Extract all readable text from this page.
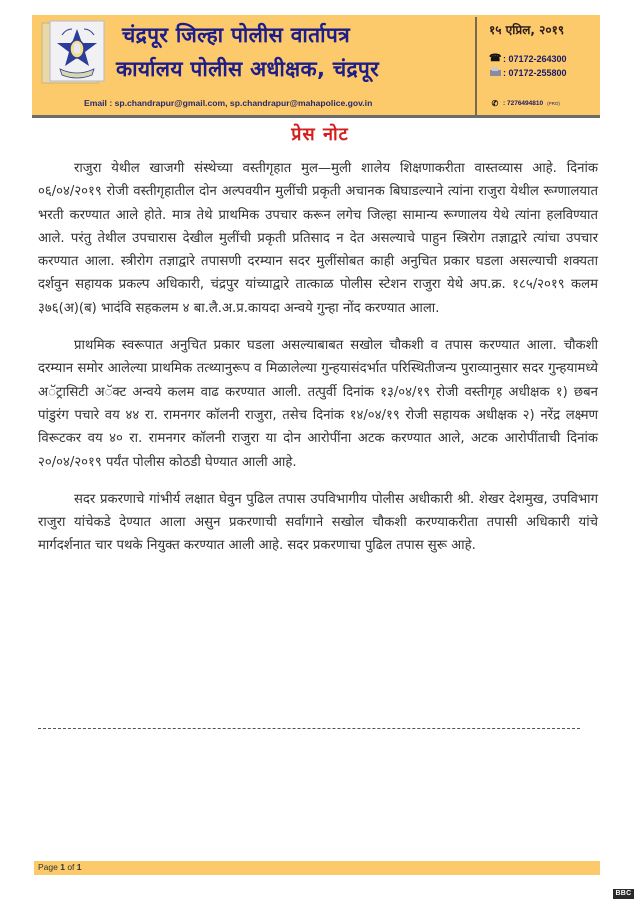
चंद्रपूर जिल्हा पोलीस वार्तापत्र
कार्यालय पोलीस अधीक्षक, चंद्रपूर
Email : sp.chandrapur@gmail.com, sp.chandrapur@mahapolice.gov.in
१५ एप्रिल, २०१९
☎ : 07172-264300
: 07172-255800
✆ : 7276494810 (PRO)
प्रेस नोट

राजुरा येथील खाजगी संस्थेच्या वस्तीगृहात मुल—मुली शालेय शिक्षणाकरीता वास्तव्यास आहे. दिनांक ०६/०४/२०१९ रोजी वस्तीगृहातील दोन अल्पवयीन मुलींची प्रकृती अचानक बिघाडल्याने त्यांना राजुरा येथील रूग्णालयात भरती करण्यात आले होते. मात्र तेथे प्राथमिक उपचार करून लगेच जिल्हा सामान्य रूग्णालय येथे त्यांना हलविण्यात आले. परंतु तेथील उपचारास देखील मुलींची प्रकृती प्रतिसाद न देत असल्याचे पाहुन स्त्रिरोग तज्ञाद्वारे त्यांचा उपचार करण्यात आला. स्त्रीरोग तज्ञाद्वारे तपासणी दरम्यान सदर मुलींसोबत काही अनुचित प्रकार घडला असल्याची शक्यता दर्शवुन सहायक प्रकल्प अधिकारी, चंद्रपुर यांच्याद्वारे तात्काळ पोलीस स्टेशन राजुरा येथे अप.क्र. १८५/२०१९ कलम ३७६(अ)(ब) भादंवि सहकलम ४ बा.लै.अ.प्र.कायदा अन्वये गुन्हा नोंद करण्यात आला.

प्राथमिक स्वरूपात अनुचित प्रकार घडला असल्याबाबत सखोल चौकशी व तपास करण्यात आला. चौकशी दरम्यान समोर आलेल्या प्राथमिक तत्थ्यानुरूप व मिळालेल्या गुन्हयासंदर्भात परिस्थितीजन्य पुराव्यानुसार सदर गुन्हयामध्ये अॅट्रासिटी अॅक्ट अन्वये कलम वाढ करण्यात आली. तत्पुर्वी दिनांक १३/०४/१९ रोजी वस्तीगृह अधीक्षक १) छबन पांडुरंग पचारे वय ४४ रा. रामनगर कॉलनी राजुरा, तसेच दिनांक १४/०४/१९ रोजी सहायक अधीक्षक २) नरेंद्र लक्ष्मण विरूटकर वय ४० रा. रामनगर कॉलनी राजुरा या दोन आरोपींना अटक करण्यात आले, अटक आरोपींताची दिनांक २०/०४/२०१९ पर्यंत पोलीस कोठडी घेण्यात आली आहे.

सदर प्रकरणाचे गांभीर्य लक्षात घेवुन पुढिल तपास उपविभागीय पोलीस अधीकारी श्री. शेखर देशमुख, उपविभाग राजुरा यांचेकडे देण्यात आला असुन प्रकरणाची सर्वांगाने सखोल चौकशी करण्याकरीता तपासी अधिकारी यांचे मार्गदर्शनात चार पथके नियुक्त करण्यात आली आहे. सदर प्रकरणाचा पुढिल तपास सुरू आहे.

Page 1 of 1
BBC
